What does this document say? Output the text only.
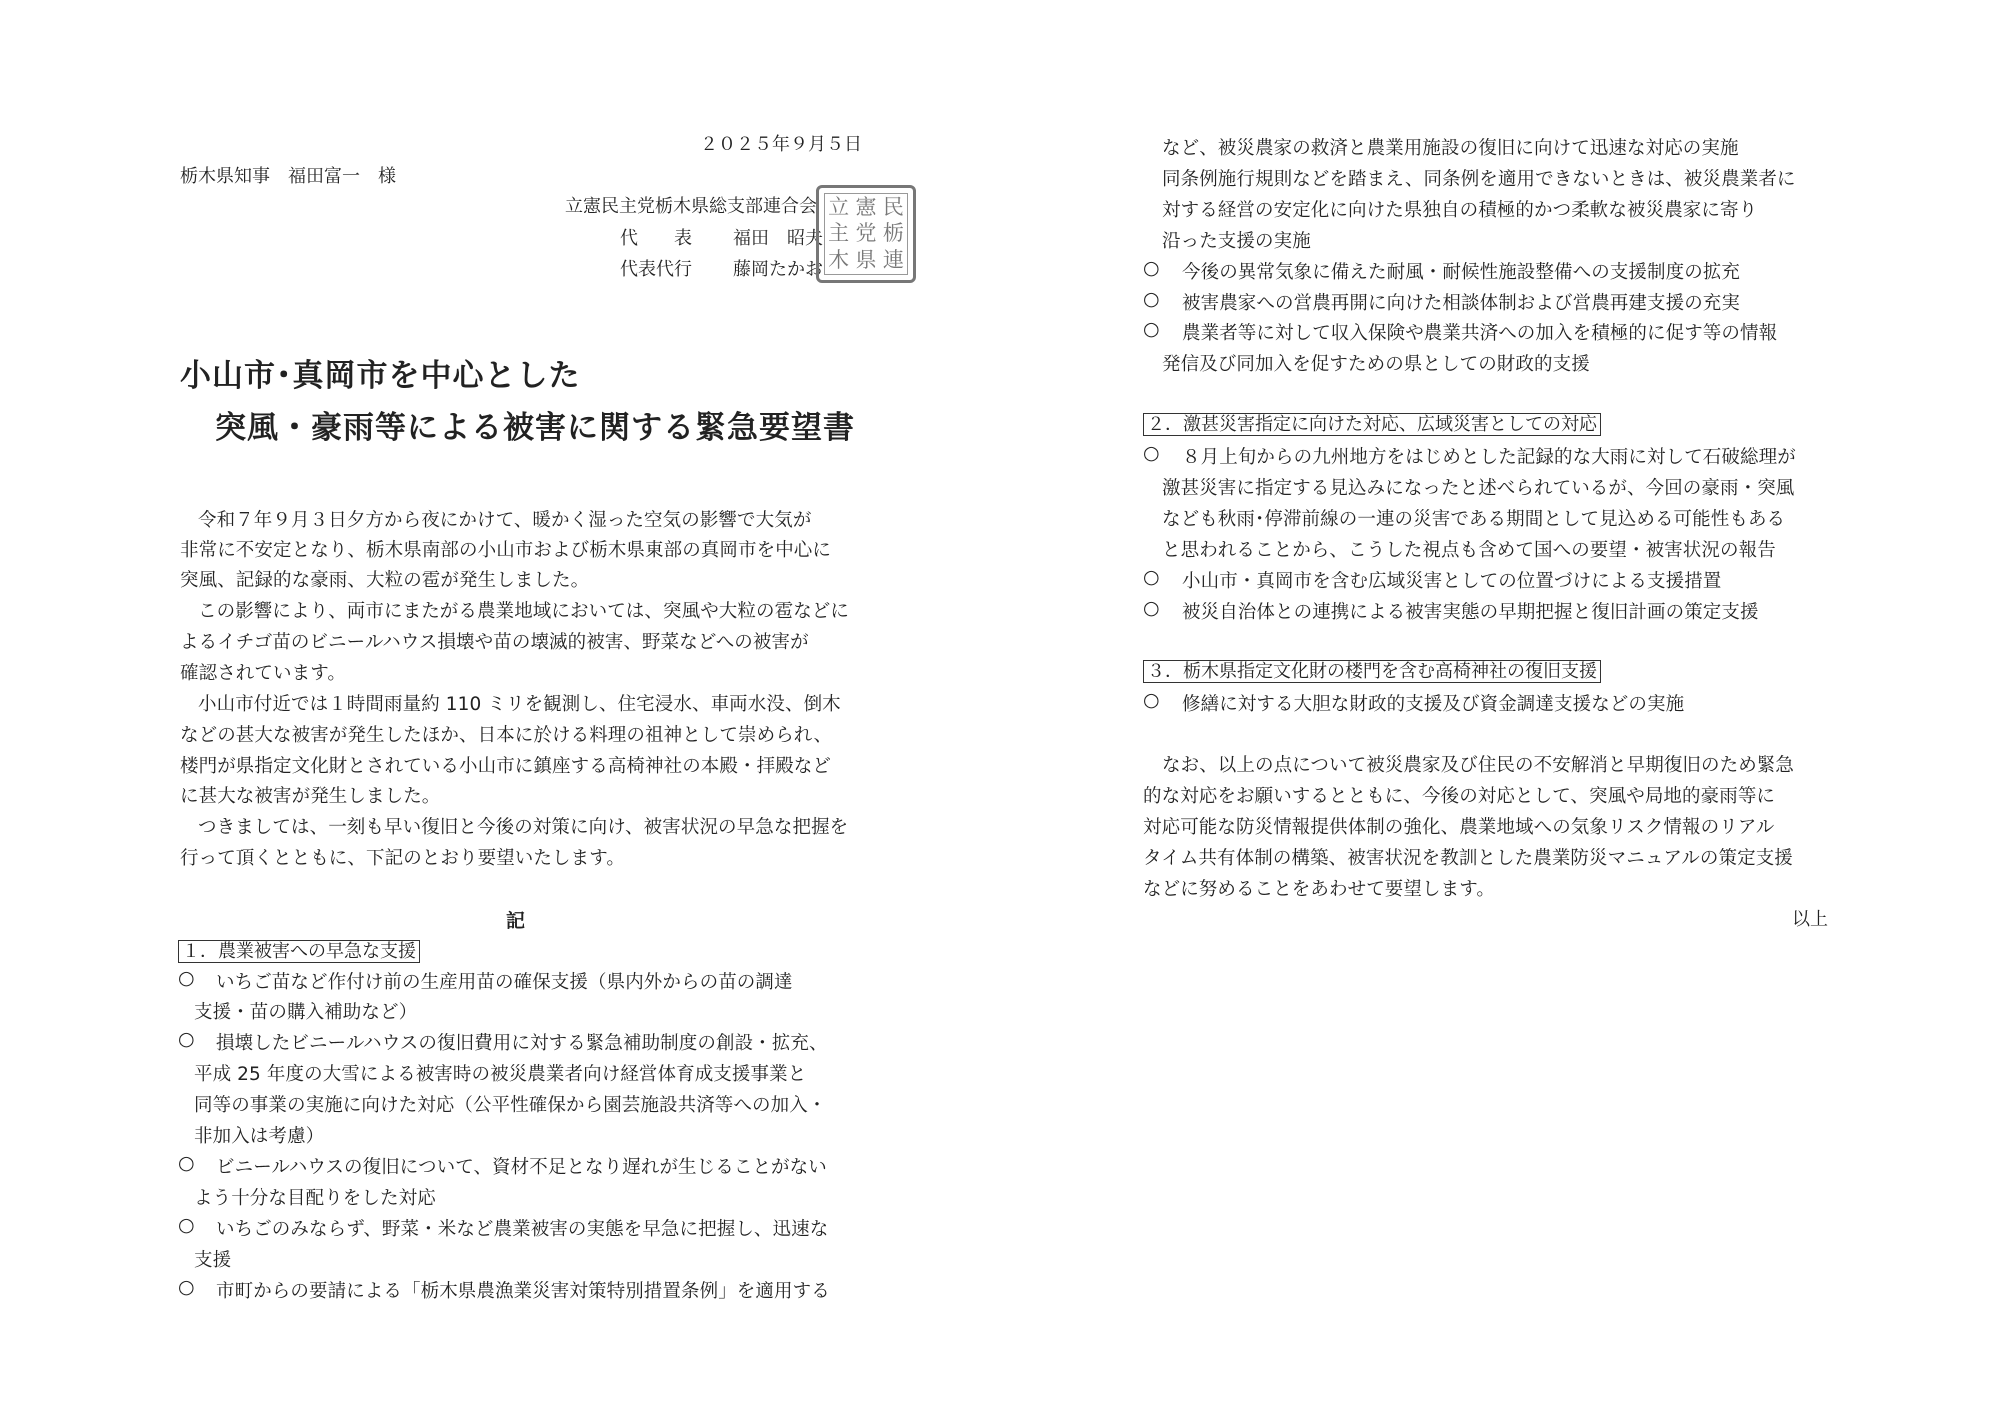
２０２５年９月５日
栃木県知事　福田富一　様
立憲民主党栃木県総支部連合会
代　　表 福田　昭夫
代表代行 藤岡たかお
立 憲 民
主 党 栃
木 県 連
小山市･真岡市を中心とした
突風・豪雨等による被害に関する緊急要望書
令和７年９月３日夕方から夜にかけて、暖かく湿った空気の影響で大気が
非常に不安定となり、栃木県南部の小山市および栃木県東部の真岡市を中心に
突風、記録的な豪雨、大粒の雹が発生しました。
この影響により、両市にまたがる農業地域においては、突風や大粒の雹などに
よるイチゴ苗のビニールハウス損壊や苗の壊滅的被害、野菜などへの被害が
確認されています。
小山市付近では１時間雨量約 110 ミリを観測し、住宅浸水、車両水没、倒木
などの甚大な被害が発生したほか、日本に於ける料理の祖神として崇められ、
楼門が県指定文化財とされている小山市に鎮座する高椅神社の本殿・拝殿など
に甚大な被害が発生しました。
つきましては、一刻も早い復旧と今後の対策に向け、被害状況の早急な把握を
行って頂くとともに、下記のとおり要望いたします。
記
１．農業被害への早急な支援
○ いちご苗など作付け前の生産用苗の確保支援（県内外からの苗の調達
支援・苗の購入補助など）
○ 損壊したビニールハウスの復旧費用に対する緊急補助制度の創設・拡充、
平成 25 年度の大雪による被害時の被災農業者向け経営体育成支援事業と
同等の事業の実施に向けた対応（公平性確保から園芸施設共済等への加入・
非加入は考慮）
○ ビニールハウスの復旧について、資材不足となり遅れが生じることがない
よう十分な目配りをした対応
○ いちごのみならず、野菜・米など農業被害の実態を早急に把握し、迅速な
支援
○ 市町からの要請による「栃木県農漁業災害対策特別措置条例」を適用する
など、被災農家の救済と農業用施設の復旧に向けて迅速な対応の実施
同条例施行規則などを踏まえ、同条例を適用できないときは、被災農業者に
対する経営の安定化に向けた県独自の積極的かつ柔軟な被災農家に寄り
沿った支援の実施
○ 今後の異常気象に備えた耐風・耐候性施設整備への支援制度の拡充
○ 被害農家への営農再開に向けた相談体制および営農再建支援の充実
○ 農業者等に対して収入保険や農業共済への加入を積極的に促す等の情報
発信及び同加入を促すための県としての財政的支援
２．激甚災害指定に向けた対応、広域災害としての対応
○ ８月上旬からの九州地方をはじめとした記録的な大雨に対して石破総理が
激甚災害に指定する見込みになったと述べられているが、今回の豪雨・突風
なども秋雨･停滞前線の一連の災害である期間として見込める可能性もある
と思われることから、こうした視点も含めて国への要望・被害状況の報告
○ 小山市・真岡市を含む広域災害としての位置づけによる支援措置
○ 被災自治体との連携による被害実態の早期把握と復旧計画の策定支援
３．栃木県指定文化財の楼門を含む高椅神社の復旧支援
○ 修繕に対する大胆な財政的支援及び資金調達支援などの実施
なお、以上の点について被災農家及び住民の不安解消と早期復旧のため緊急
的な対応をお願いするとともに、今後の対応として、突風や局地的豪雨等に
対応可能な防災情報提供体制の強化、農業地域への気象リスク情報のリアル
タイム共有体制の構築、被害状況を教訓とした農業防災マニュアルの策定支援
などに努めることをあわせて要望します。
以上
